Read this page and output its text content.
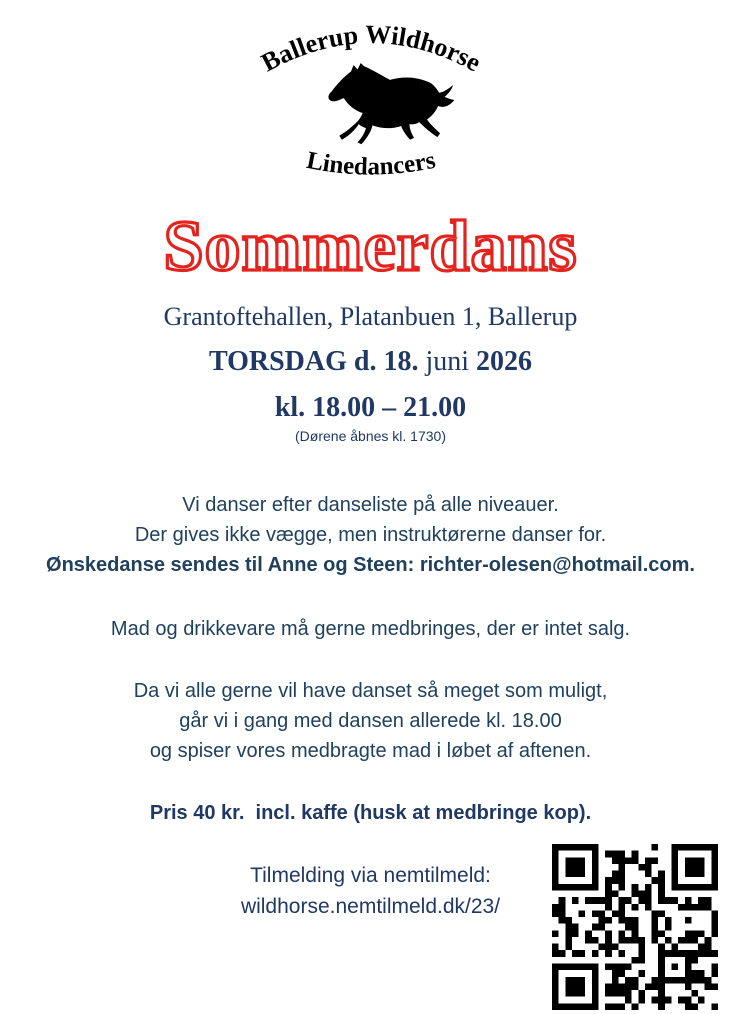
Ballerup Wildhorse
Linedancers
Sommerdans
Grantoftehallen, Platanbuen 1, Ballerup
TORSDAG d. 18. juni 2026
kl. 18.00 – 21.00
(Dørene åbnes kl. 1730)

Vi danser efter danseliste på alle niveauer.
Der gives ikke vægge, men instruktørerne danser for.
Ønskedanse sendes til Anne og Steen: richter-olesen@hotmail.com.

Mad og drikkevare må gerne medbringes, der er intet salg.

Da vi alle gerne vil have danset så meget som muligt,
går vi i gang med dansen allerede kl. 18.00
og spiser vores medbragte mad i løbet af aftenen.

Pris 40 kr.  incl. kaffe (husk at medbringe kop).
Tilmelding via nemtilmeld:
wildhorse.nemtilmeld.dk/23/
